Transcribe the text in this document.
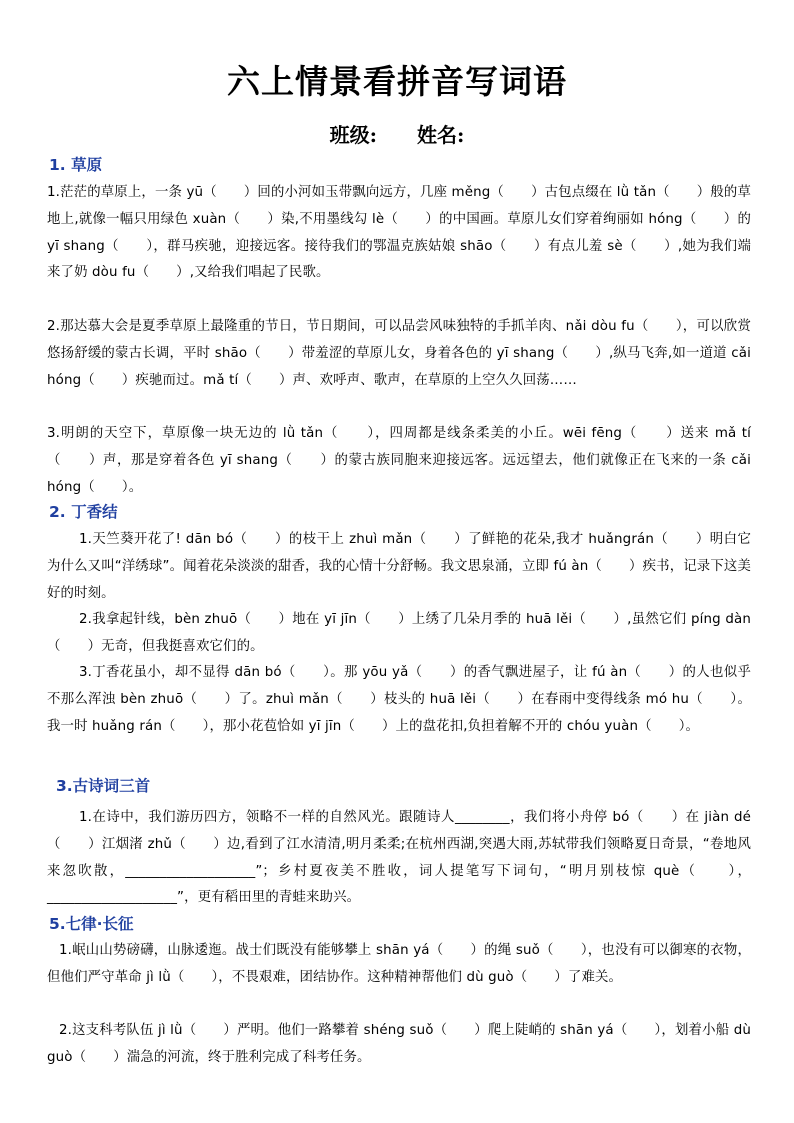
六上情景看拼音写词语
班级: 姓名:
1. 草原
1.茫茫的草原上，一条 yū（　　）回的小河如玉带飘向远方，几座 měng（　　）古包点缀在 lǜ tǎn（　　）般的草地上,就像一幅只用绿色 xuàn（　　）染,不用墨线勾 lè（　　）的中国画。草原儿女们穿着绚丽如 hóng（　　）的 yī shang（　　），群马疾驰，迎接远客。接待我们的鄂温克族姑娘 shāo（　　）有点儿羞 sè（　　）,她为我们端来了奶 dòu fu（　　）,又给我们唱起了民歌。
2.那达慕大会是夏季草原上最隆重的节日，节日期间，可以品尝风味独特的手抓羊肉、nǎi dòu fu（　　），可以欣赏悠扬舒缓的蒙古长调，平时 shāo（　　）带羞涩的草原儿女，身着各色的 yī shang（　　）,纵马飞奔,如一道道 cǎi hóng（　　）疾驰而过。mǎ tí（　　）声、欢呼声、歌声，在草原的上空久久回荡……
3.明朗的天空下，草原像一块无边的 lǜ tǎn（　　），四周都是线条柔美的小丘。wēi fēng（　　）送来 mǎ tí（　　）声，那是穿着各色 yī shang（　　）的蒙古族同胞来迎接远客。远远望去，他们就像正在飞来的一条 cǎi hóng（　　）。
2. 丁香结
1.天竺葵开花了! dān bó（　　）的枝干上 zhuì mǎn（　　）了鲜艳的花朵,我才 huǎngrán（　　）明白它为什么又叫“洋绣球”。闻着花朵淡淡的甜香，我的心情十分舒畅。我文思泉涌，立即 fú àn（　　）疾书，记录下这美好的时刻。
2.我拿起针线，bèn zhuō（　　）地在 yī jīn（　　）上绣了几朵月季的 huā lěi（　　）,虽然它们 píng dàn（　　）无奇，但我挺喜欢它们的。
3.丁香花虽小，却不显得 dān bó（　　）。那 yōu yǎ（　　）的香气飘进屋子，让 fú àn（　　）的人也似乎不那么浑浊 bèn zhuō（　　）了。zhuì mǎn（　　）枝头的 huā lěi（　　）在春雨中变得线条 mó hu（　　）。我一时 huǎng rán（　　），那小花苞恰如 yī jīn（　　）上的盘花扣,负担着解不开的 chóu yuàn（　　）。
3.古诗词三首
1.在诗中，我们游历四方，领略不一样的自然风光。跟随诗人________，我们将小舟停 bó（　　）在 jiàn dé（　　）江烟渚 zhǔ（　　）边,看到了江水清清,明月柔柔;在杭州西湖,突遇大雨,苏轼带我们领略夏日奇景，“卷地风来忽吹散，___________________”；乡村夏夜美不胜收，词人提笔写下词句，“明月别枝惊 què（　　），___________________”，更有稻田里的青蛙来助兴。
5.七律·长征
1.岷山山势磅礴，山脉逶迤。战士们既没有能够攀上 shān yá（　　）的绳 suǒ（　　），也没有可以御寒的衣物，但他们严守革命 jì lǜ（　　），不畏艰难，团结协作。这种精神帮他们 dù guò（　　）了难关。
2.这支科考队伍 jì lǜ（　　）严明。他们一路攀着 shéng suǒ（　　）爬上陡峭的 shān yá（　　），划着小船 dù guò（　　）湍急的河流，终于胜利完成了科考任务。
